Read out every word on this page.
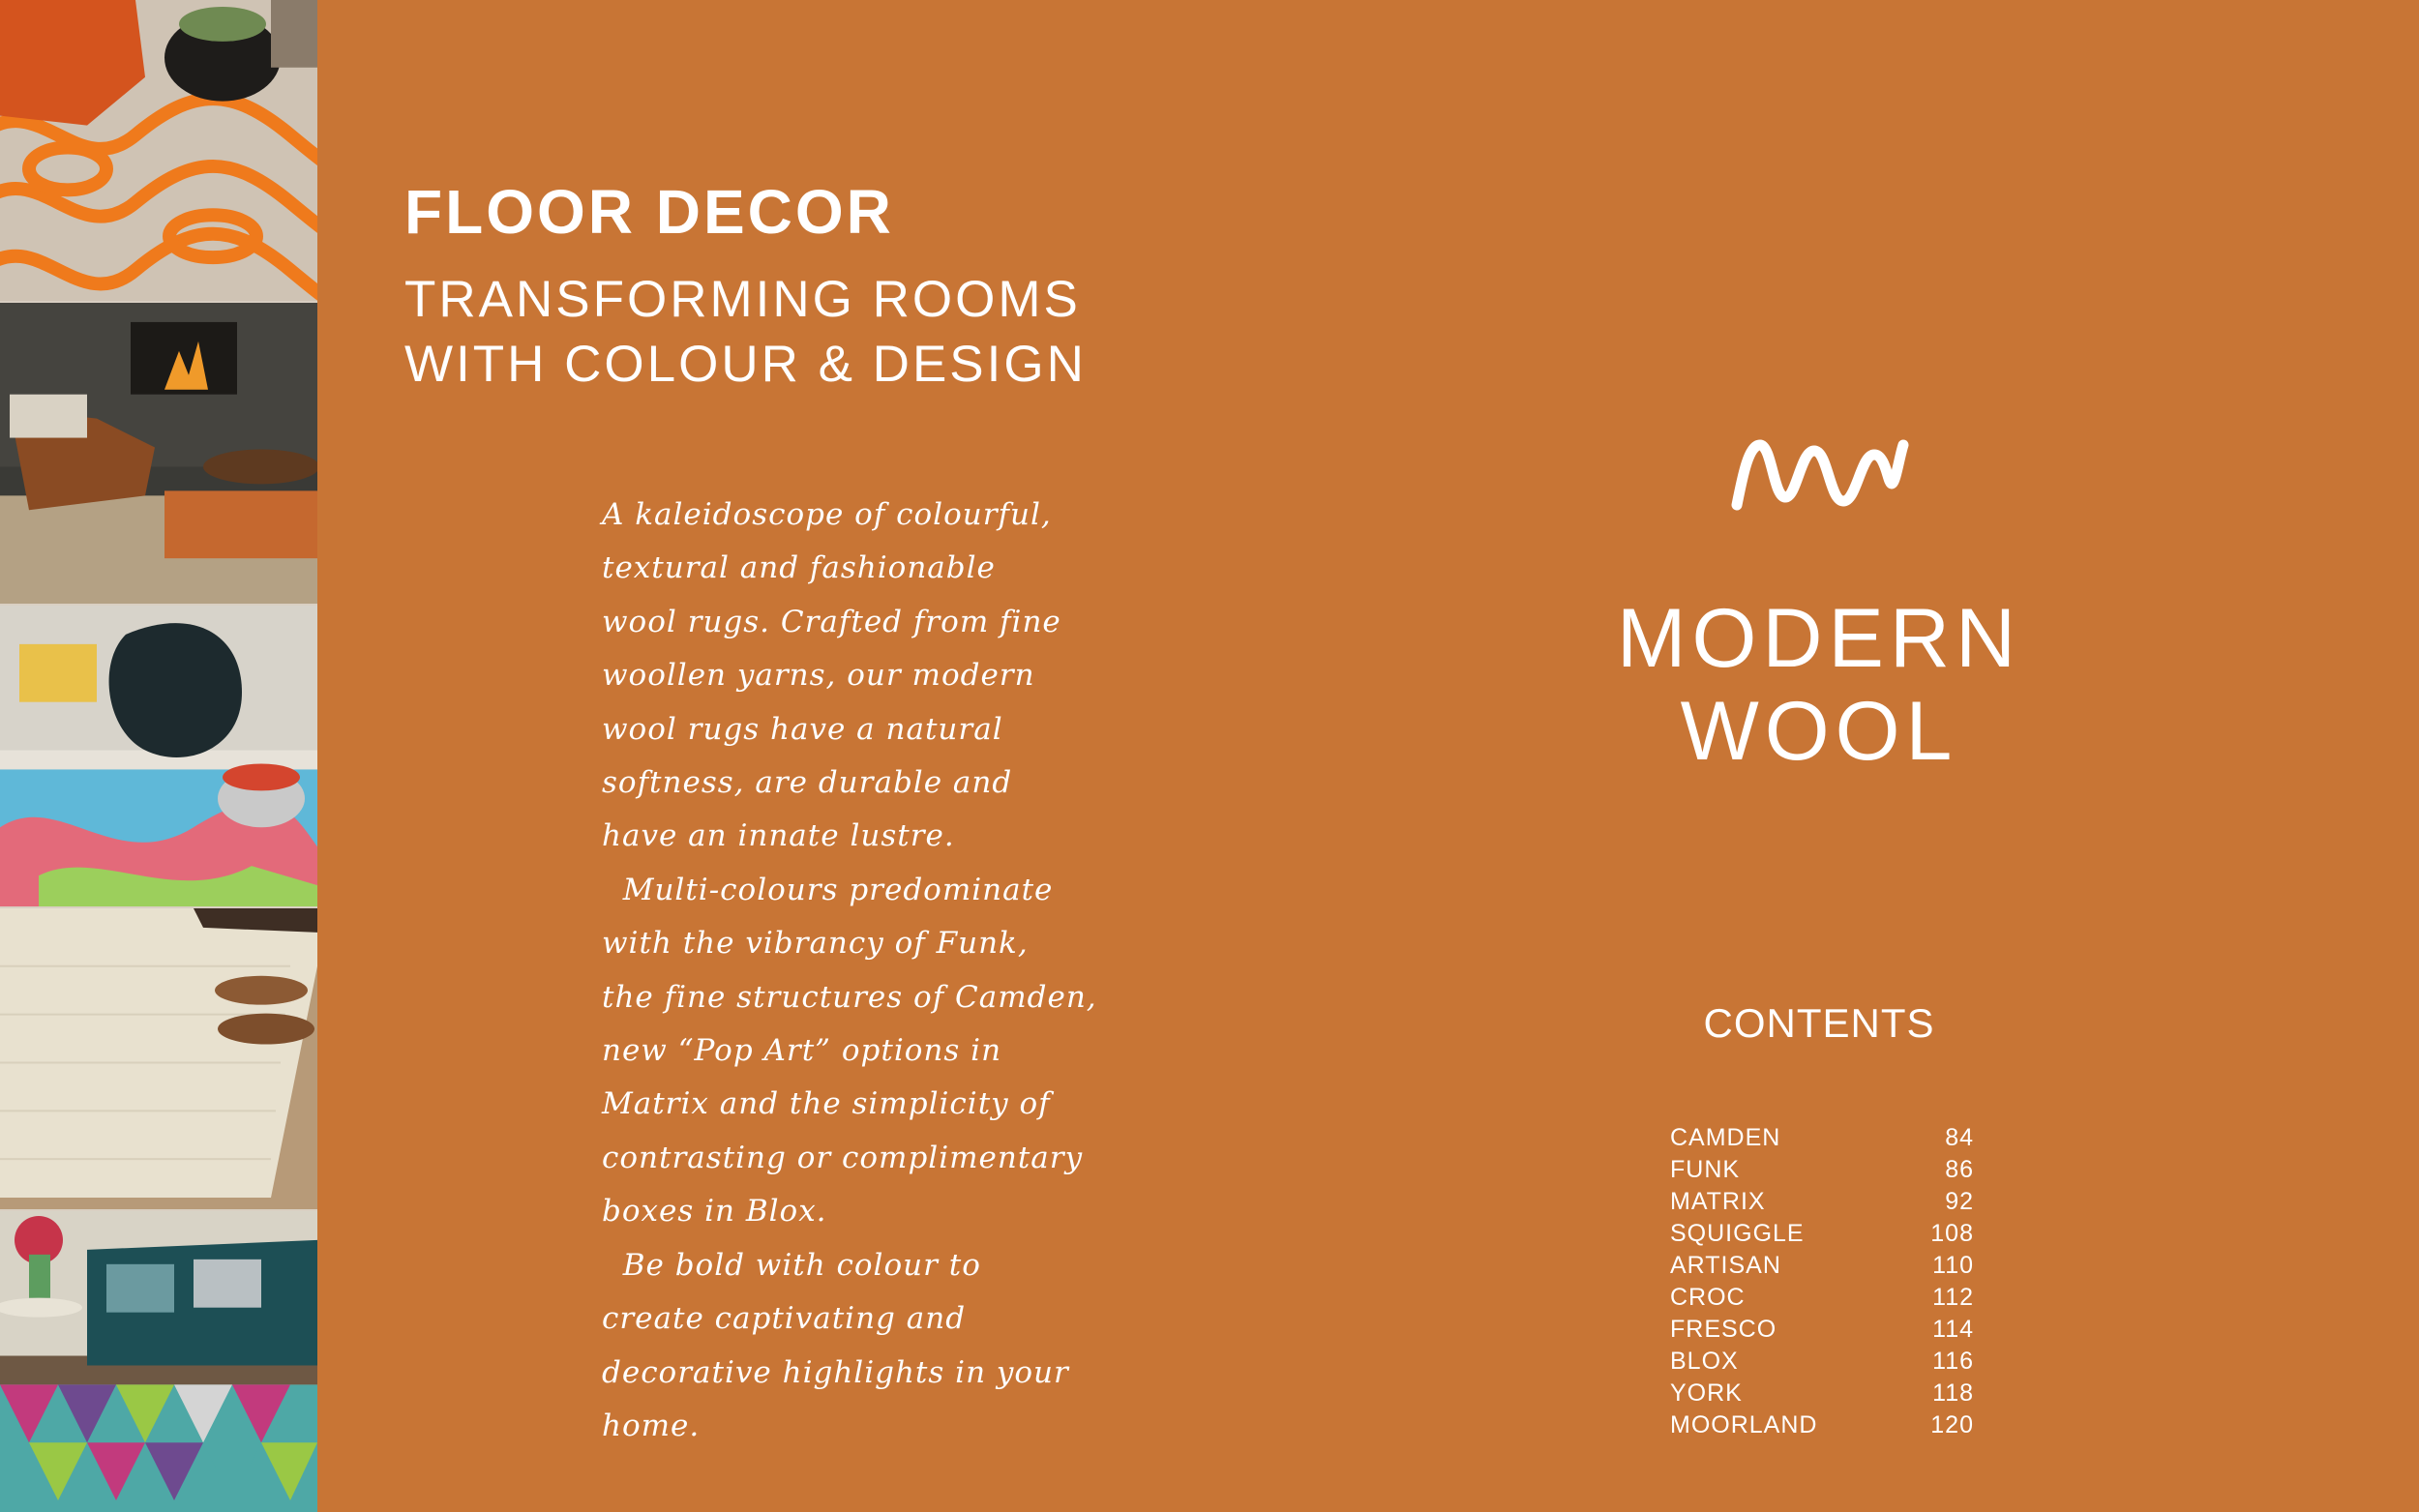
FLOOR DECOR
TRANSFORMING ROOMS
WITH COLOUR & DESIGN
A kaleidoscope of colourful,
textural and fashionable
wool rugs. Crafted from fine
woollen yarns, our modern
wool rugs have a natural
softness, are durable and
have an innate lustre.
Multi-colours predominate
with the vibrancy of Funk,
the fine structures of Camden,
new “Pop Art” options in
Matrix and the simplicity of
contrasting or complimentary
boxes in Blox.
Be bold with colour to
create captivating and
decorative highlights in your
home.
MODERN
WOOL
CONTENTS
CAMDEN	84
FUNK	86
MATRIX	92
SQUIGGLE	108
ARTISAN	110
CROC	112
FRESCO	114
BLOX	116
YORK	118
MOORLAND	120
